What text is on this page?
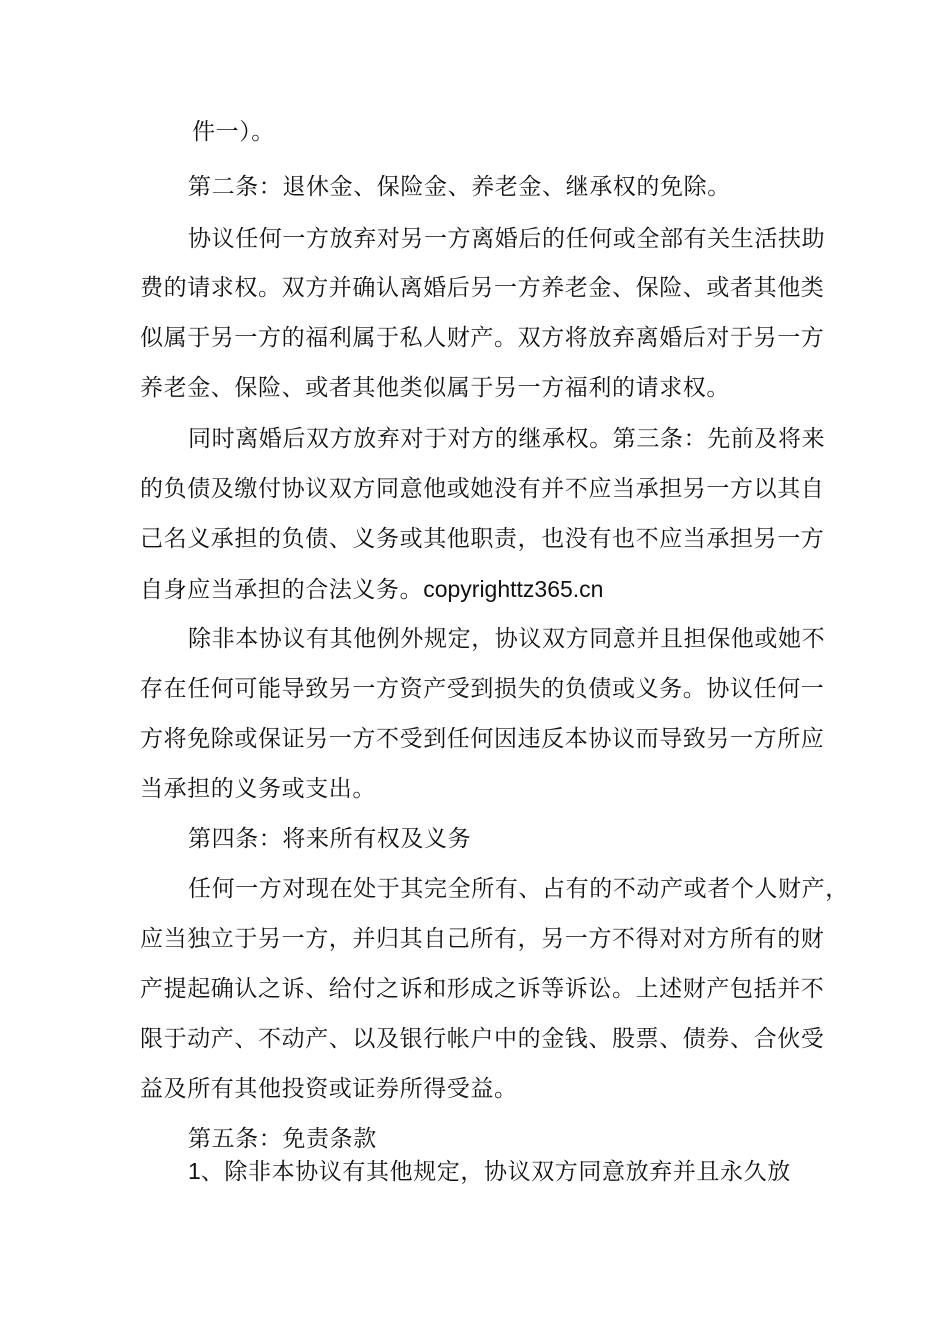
件一）。
第二条：退休金、保险金、养老金、继承权的免除。
协议任何一方放弃对另一方离婚后的任何或全部有关生活扶助
费的请求权。双方并确认离婚后另一方养老金、保险、或者其他类
似属于另一方的福利属于私人财产。双方将放弃离婚后对于另一方
养老金、保险、或者其他类似属于另一方福利的请求权。
同时离婚后双方放弃对于对方的继承权。第三条：先前及将来
的负债及缴付协议双方同意他或她没有并不应当承担另一方以其自
己名义承担的负债、义务或其他职责，也没有也不应当承担另一方
自身应当承担的合法义务。copyrighttz365.cn
除非本协议有其他例外规定，协议双方同意并且担保他或她不
存在任何可能导致另一方资产受到损失的负债或义务。协议任何一
方将免除或保证另一方不受到任何因违反本协议而导致另一方所应
当承担的义务或支出。
第四条：将来所有权及义务
任何一方对现在处于其完全所有、占有的不动产或者个人财产，
应当独立于另一方，并归其自己所有，另一方不得对对方所有的财
产提起确认之诉、给付之诉和形成之诉等诉讼。上述财产包括并不
限于动产、不动产、以及银行帐户中的金钱、股票、债券、合伙受
益及所有其他投资或证券所得受益。
第五条：免责条款
1、除非本协议有其他规定，协议双方同意放弃并且永久放
